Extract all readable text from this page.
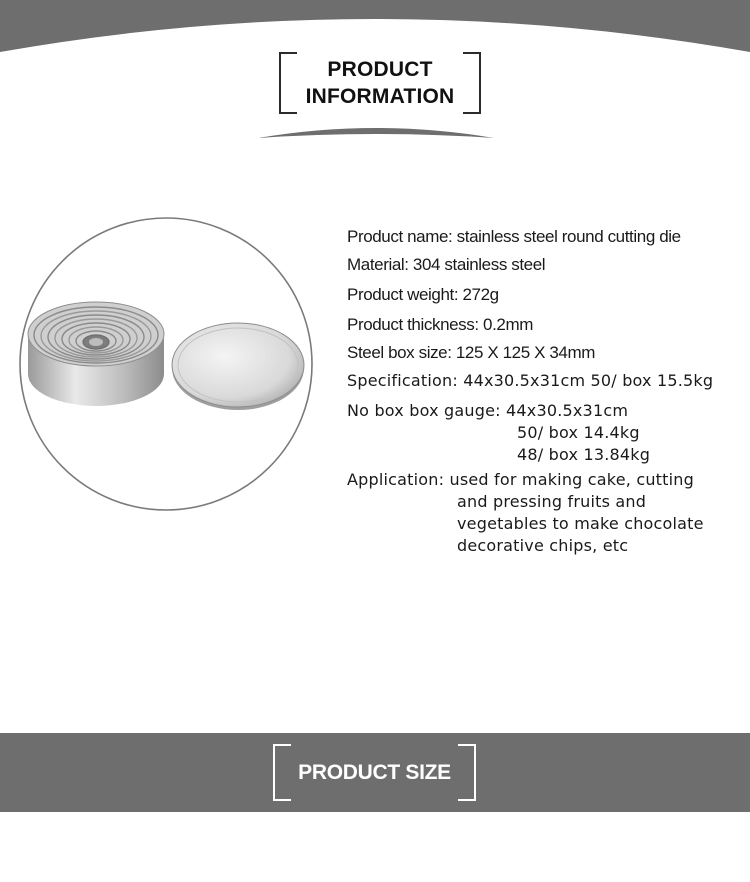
PRODUCT
INFORMATION
Product name: stainless steel round cutting die
Material: 304 stainless steel
Product weight: 272g
Product thickness: 0.2mm
Steel box size: 125 X 125 X 34mm
Specification: 44x30.5x31cm 50/ box 15.5kg
No box box gauge: 44x30.5x31cm
50/ box 14.4kg
48/ box 13.84kg
Application: used for making cake, cutting
and pressing fruits and
vegetables to make chocolate
decorative chips, etc
PRODUCT SIZE
